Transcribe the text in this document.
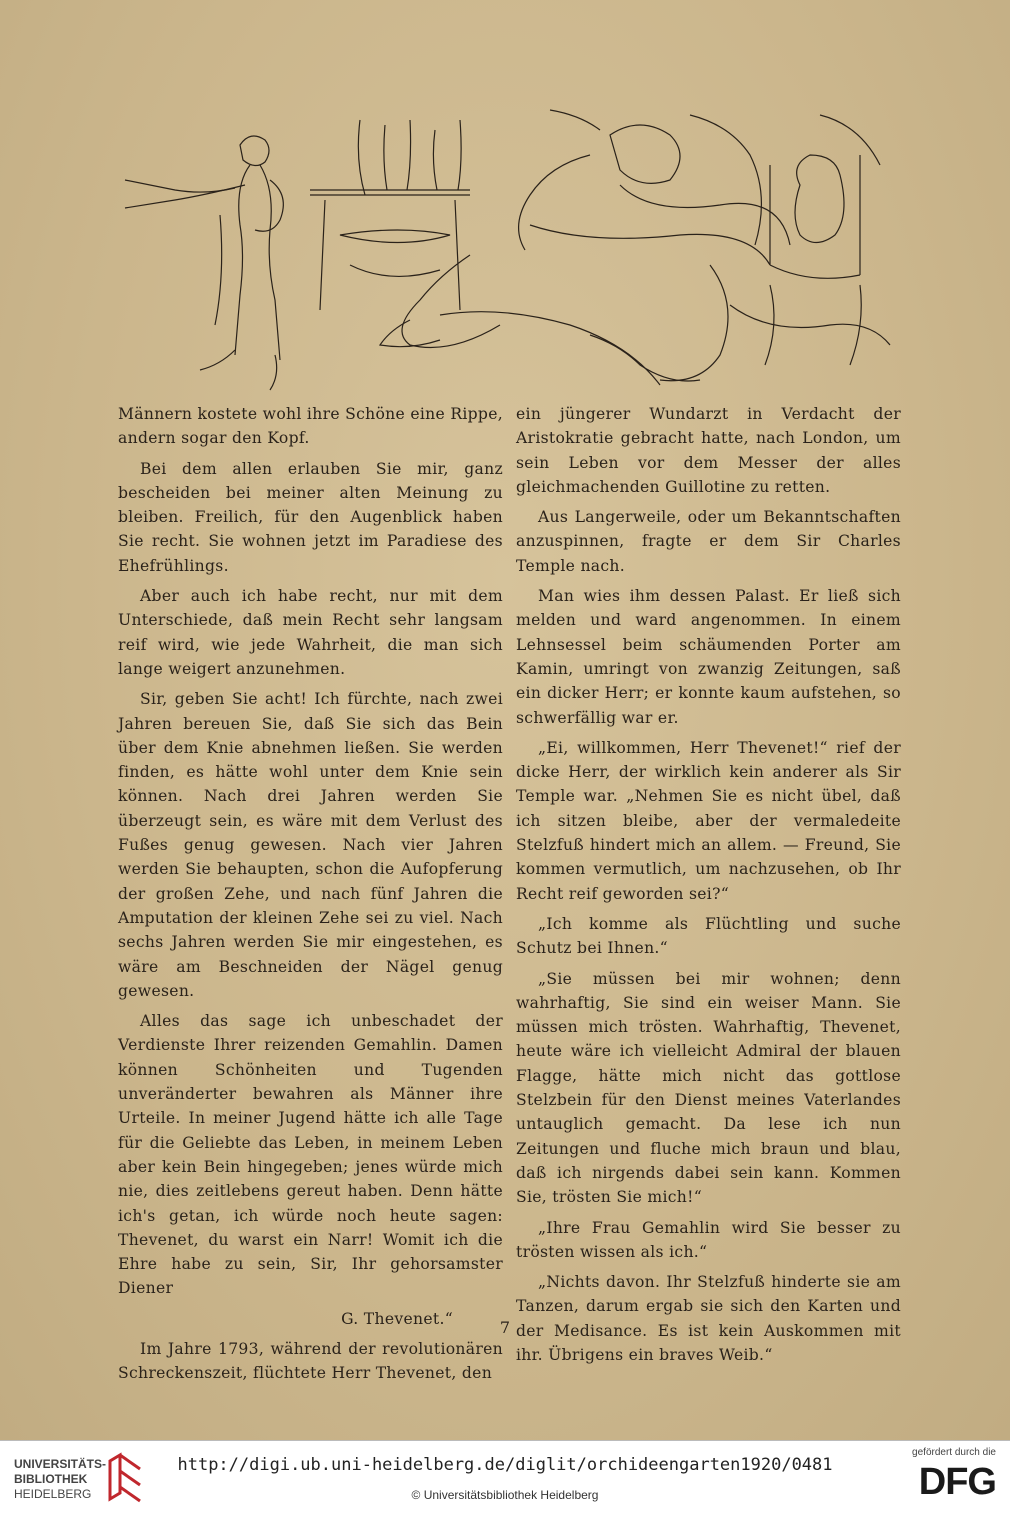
Männern kostete wohl ihre Schöne eine Rippe, andern sogar den Kopf.

Bei dem allen erlauben Sie mir, ganz bescheiden bei meiner alten Meinung zu bleiben. Freilich, für den Augenblick haben Sie recht. Sie wohnen jetzt im Paradiese des Ehefrühlings.

Aber auch ich habe recht, nur mit dem Unterschiede, daß mein Recht sehr langsam reif wird, wie jede Wahrheit, die man sich lange weigert anzunehmen.

Sir, geben Sie acht! Ich fürchte, nach zwei Jahren bereuen Sie, daß Sie sich das Bein über dem Knie abnehmen ließen. Sie werden finden, es hätte wohl unter dem Knie sein können. Nach drei Jahren werden Sie überzeugt sein, es wäre mit dem Verlust des Fußes genug gewesen. Nach vier Jahren werden Sie behaupten, schon die Aufopferung der großen Zehe, und nach fünf Jahren die Amputation der kleinen Zehe sei zu viel. Nach sechs Jahren werden Sie mir eingestehen, es wäre am Beschneiden der Nägel genug gewesen.

Alles das sage ich unbeschadet der Verdienste Ihrer reizenden Gemahlin. Damen können Schönheiten und Tugenden unveränderter bewahren als Männer ihre Urteile. In meiner Jugend hätte ich alle Tage für die Geliebte das Leben, in meinem Leben aber kein Bein hingegeben; jenes würde mich nie, dies zeitlebens gereut haben. Denn hätte ich's getan, ich würde noch heute sagen: Thevenet, du warst ein Narr! Womit ich die Ehre habe zu sein, Sir, Ihr gehorsamster Diener

G. Thevenet.“

Im Jahre 1793, während der revolutionären Schreckenszeit, flüchtete Herr Thevenet, den

ein jüngerer Wundarzt in Verdacht der Aristokratie gebracht hatte, nach London, um sein Leben vor dem Messer der alles gleichmachenden Guillotine zu retten.

Aus Langerweile, oder um Bekanntschaften anzuspinnen, fragte er dem Sir Charles Temple nach.

Man wies ihm dessen Palast. Er ließ sich melden und ward angenommen. In einem Lehnsessel beim schäumenden Porter am Kamin, umringt von zwanzig Zeitungen, saß ein dicker Herr; er konnte kaum aufstehen, so schwerfällig war er.

„Ei, willkommen, Herr Thevenet!“ rief der dicke Herr, der wirklich kein anderer als Sir Temple war. „Nehmen Sie es nicht übel, daß ich sitzen bleibe, aber der vermaledeite Stelzfuß hindert mich an allem. — Freund, Sie kommen vermutlich, um nachzusehen, ob Ihr Recht reif geworden sei?“

„Ich komme als Flüchtling und suche Schutz bei Ihnen.“

„Sie müssen bei mir wohnen; denn wahrhaftig, Sie sind ein weiser Mann. Sie müssen mich trösten. Wahrhaftig, Thevenet, heute wäre ich vielleicht Admiral der blauen Flagge, hätte mich nicht das gottlose Stelzbein für den Dienst meines Vaterlandes untauglich gemacht. Da lese ich nun Zeitungen und fluche mich braun und blau, daß ich nirgends dabei sein kann. Kommen Sie, trösten Sie mich!“

„Ihre Frau Gemahlin wird Sie besser zu trösten wissen als ich.“

„Nichts davon. Ihr Stelzfuß hinderte sie am Tanzen, darum ergab sie sich den Karten und der Medisance. Es ist kein Auskommen mit ihr. Übrigens ein braves Weib.“

7
UNIVERSITÄTS-
BIBLIOTHEK
HEIDELBERG
http://digi.ub.uni-heidelberg.de/diglit/orchideengarten1920/0481
© Universitätsbibliothek Heidelberg
gefördert durch die
DFG
